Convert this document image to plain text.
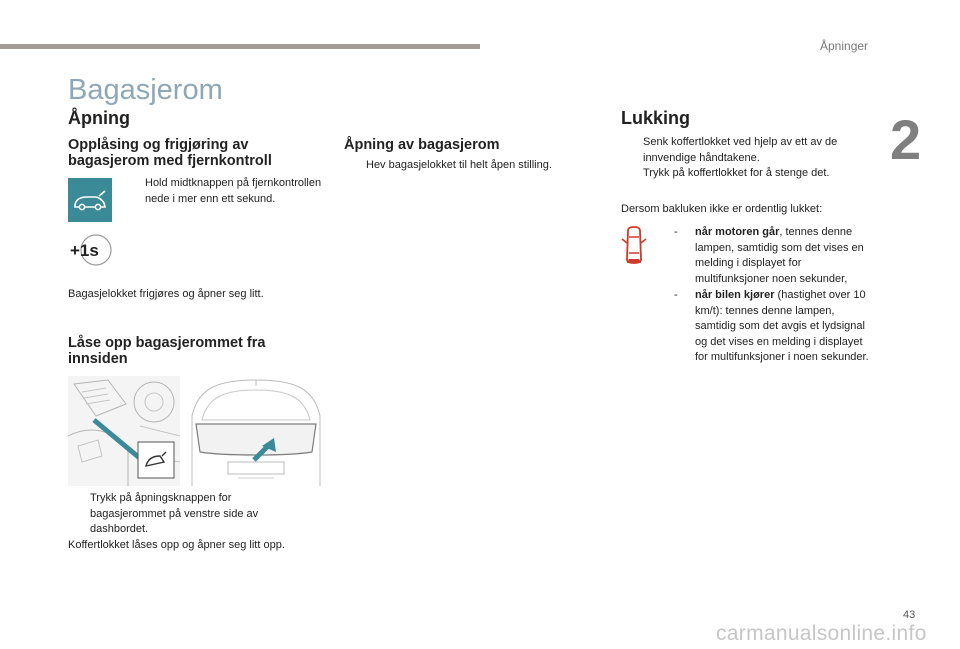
Åpninger
2
Bagasjerom
Åpning
Opplåsing og frigjøring av bagasjerom med fjernkontroll
Hold midtknappen på fjernkontrollen nede i mer enn ett sekund.
+1s
Bagasjelokket frigjøres og åpner seg litt.
Låse opp bagasjerommet fra innsiden
Trykk på åpningsknappen for bagasjerommet på venstre side av dashbordet.
Koffertlokket låses opp og åpner seg litt opp.
Åpning av bagasjerom
Hev bagasjelokket til helt åpen stilling.
Lukking
Senk koffertlokket ved hjelp av ett av de innvendige håndtakene.
Trykk på koffertlokket for å stenge det.
Dersom bakluken ikke er ordentlig lukket:
-	når motoren går, tennes denne lampen, samtidig som det vises en melding i displayet for multifunksjoner noen sekunder,
-	når bilen kjører (hastighet over 10 km/t): tennes denne lampen, samtidig som det avgis et lydsignal og det vises en melding i displayet for multifunksjoner i noen sekunder.
43
carmanualsonline.info
